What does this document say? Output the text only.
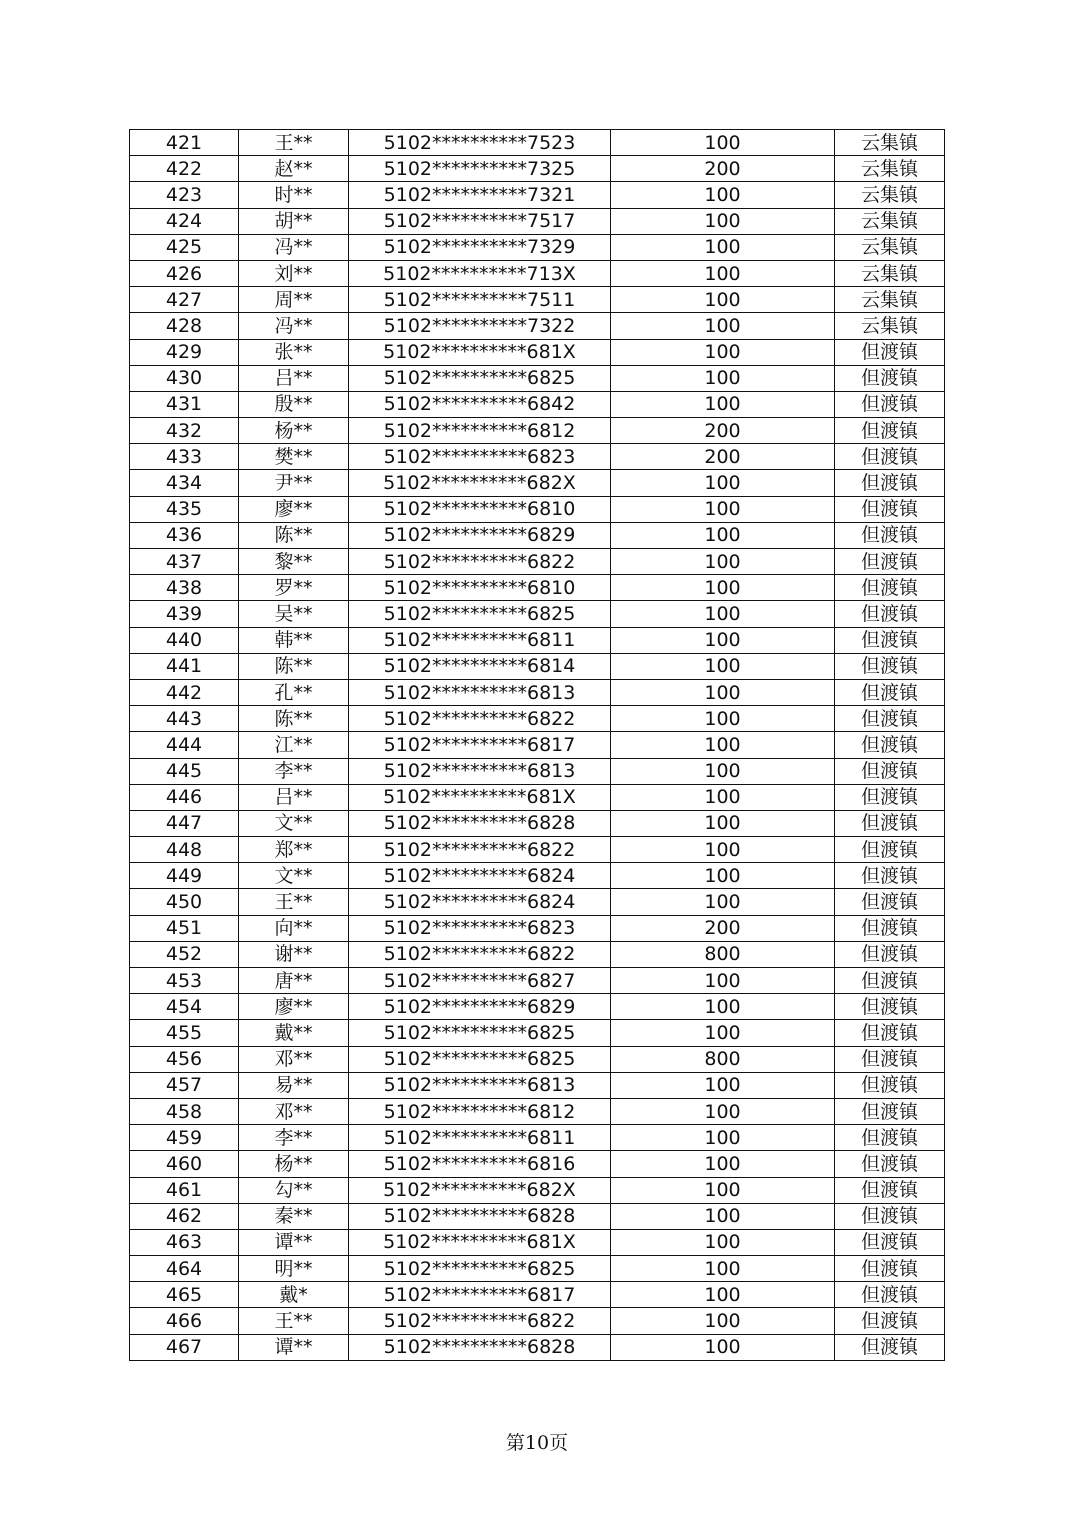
421	王**	5102**********7523	100	云集镇
422	赵**	5102**********7325	200	云集镇
423	时**	5102**********7321	100	云集镇
424	胡**	5102**********7517	100	云集镇
425	冯**	5102**********7329	100	云集镇
426	刘**	5102**********713X	100	云集镇
427	周**	5102**********7511	100	云集镇
428	冯**	5102**********7322	100	云集镇
429	张**	5102**********681X	100	但渡镇
430	吕**	5102**********6825	100	但渡镇
431	殷**	5102**********6842	100	但渡镇
432	杨**	5102**********6812	200	但渡镇
433	樊**	5102**********6823	200	但渡镇
434	尹**	5102**********682X	100	但渡镇
435	廖**	5102**********6810	100	但渡镇
436	陈**	5102**********6829	100	但渡镇
437	黎**	5102**********6822	100	但渡镇
438	罗**	5102**********6810	100	但渡镇
439	吴**	5102**********6825	100	但渡镇
440	韩**	5102**********6811	100	但渡镇
441	陈**	5102**********6814	100	但渡镇
442	孔**	5102**********6813	100	但渡镇
443	陈**	5102**********6822	100	但渡镇
444	江**	5102**********6817	100	但渡镇
445	李**	5102**********6813	100	但渡镇
446	吕**	5102**********681X	100	但渡镇
447	文**	5102**********6828	100	但渡镇
448	郑**	5102**********6822	100	但渡镇
449	文**	5102**********6824	100	但渡镇
450	王**	5102**********6824	100	但渡镇
451	向**	5102**********6823	200	但渡镇
452	谢**	5102**********6822	800	但渡镇
453	唐**	5102**********6827	100	但渡镇
454	廖**	5102**********6829	100	但渡镇
455	戴**	5102**********6825	100	但渡镇
456	邓**	5102**********6825	800	但渡镇
457	易**	5102**********6813	100	但渡镇
458	邓**	5102**********6812	100	但渡镇
459	李**	5102**********6811	100	但渡镇
460	杨**	5102**********6816	100	但渡镇
461	勾**	5102**********682X	100	但渡镇
462	秦**	5102**********6828	100	但渡镇
463	谭**	5102**********681X	100	但渡镇
464	明**	5102**********6825	100	但渡镇
465	戴*	5102**********6817	100	但渡镇
466	王**	5102**********6822	100	但渡镇
467	谭**	5102**********6828	100	但渡镇
第10页
